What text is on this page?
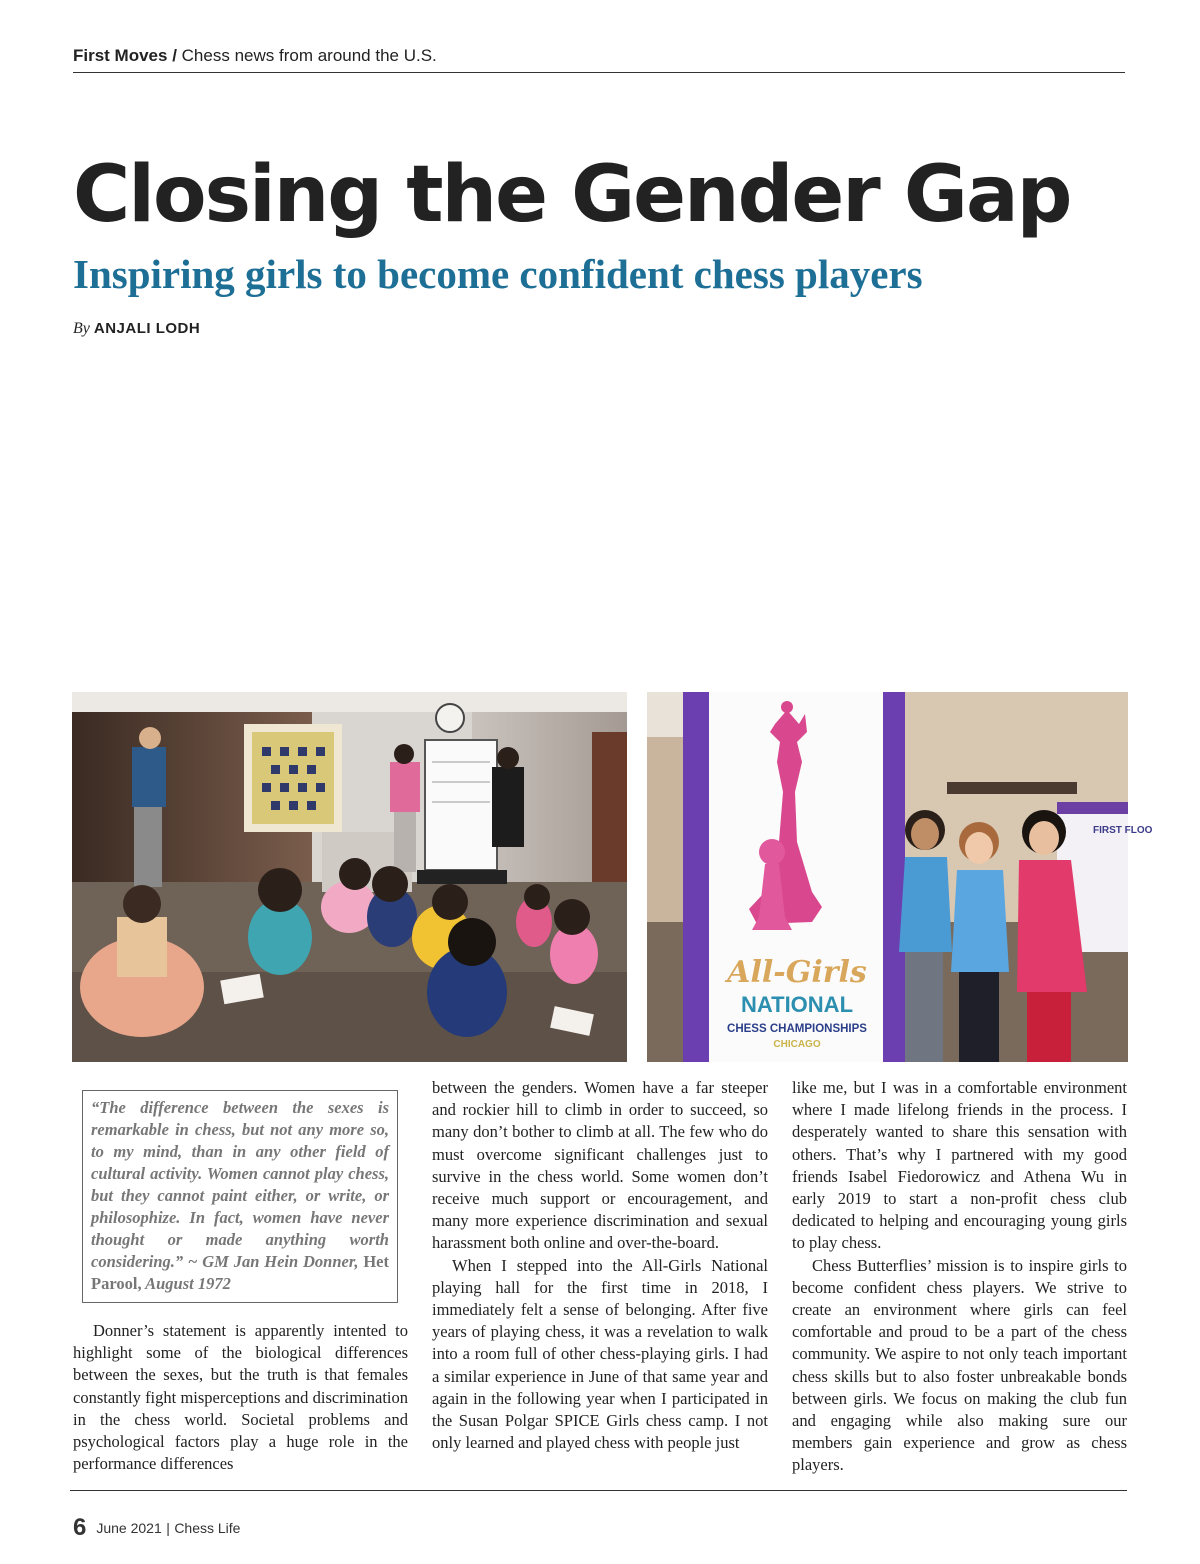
First Moves / Chess news from around the U.S.
Closing the Gender Gap
Inspiring girls to become confident chess players
By ANJALI LODH
FIRST FLOO
All-Girls
NATIONAL
CHESS CHAMPIONSHIPS
CHICAGO
“The difference between the sexes is remarkable in chess, but not any more so, to my mind, than in any other field of cultural activity. Women cannot play chess, but they cannot paint either, or write, or philosophize. In fact, women have never thought or made anything worth considering.” ~ GM Jan Hein Donner, Het Parool, August 1972

Donner’s statement is apparently intented to highlight some of the biological differences between the sexes, but the truth is that females constantly fight misperceptions and discrimination in the chess world. Societal problems and psychological factors play a huge role in the performance differences

between the genders. Women have a far steeper and rockier hill to climb in order to succeed, so many don’t bother to climb at all. The few who do must overcome significant challenges just to survive in the chess world. Some women don’t receive much support or encouragement, and many more experience discrimination and sexual harassment both online and over-the-board.

When I stepped into the All-Girls National playing hall for the first time in 2018, I immediately felt a sense of belonging. After five years of playing chess, it was a revelation to walk into a room full of other chess-playing girls. I had a similar experience in June of that same year and again in the following year when I participated in the Susan Polgar SPICE Girls chess camp. I not only learned and played chess with people just

like me, but I was in a comfortable environment where I made lifelong friends in the process. I desperately wanted to share this sensation with others. That’s why I partnered with my good friends Isabel Fiedorowicz and Athena Wu in early 2019 to start a non-profit chess club dedicated to helping and encouraging young girls to play chess.

Chess Butterflies’ mission is to inspire girls to become confident chess players. We strive to create an environment where girls can feel comfortable and proud to be a part of the chess community. We aspire to not only teach important chess skills but to also foster unbreakable bonds between girls. We focus on making the club fun and engaging while also making sure our members gain experience and grow as chess players.

6 June 2021 | Chess Life
